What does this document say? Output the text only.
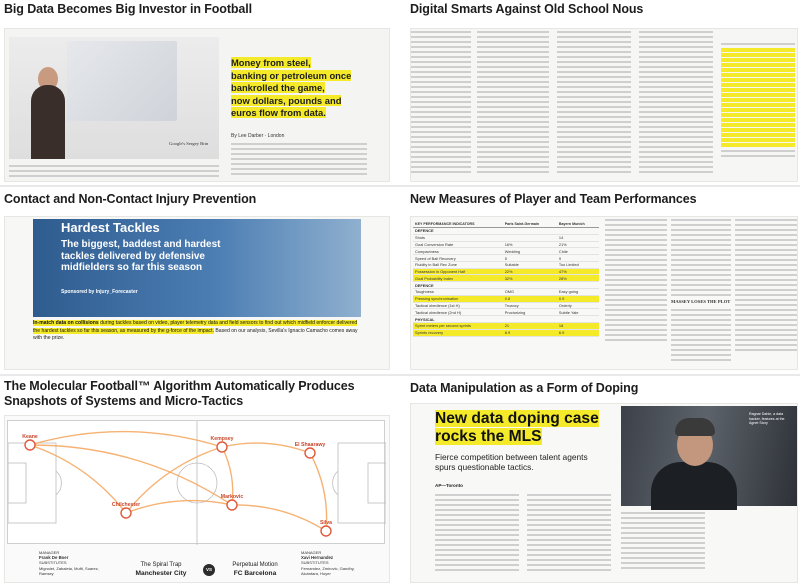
Big Data Becomes Big Investor in Football
Google's Sergey Brin
Money from steel,
banking or petroleum once
bankrolled the game,
now dollars, pounds and
euros flow from data.
By Lee Darber · London
Digital Smarts Against Old School Nous
Contact and Non-Contact Injury Prevention
Hardest Tackles
The biggest, baddest and hardest tackles delivered by defensive midfielders so far this season
Sponsored by Injury_Forecaster
In-match data on collisions during tackles based on video, player telemetry data and field sensors to find out which midfield enforcer delivered the hardest tackles so far this season, as measured by the g-force of the impact. Based on our analysis, Sevilla's Ignacio Camacho comes away with the prize.
New Measures of Player and Team Performances
KEY PERFORMANCE INDICATORS	Paris Saint-Germain	Bayern Munich
DEFENCE		
Shots		14
Goal Conversion Rate	16%	21%
Compactness	Wedding	Chile
Speed of Ball Recovery	5	9
Fluidity in Ball Rec Zone	Suitable	Too Limited
Possession in Opponent Half	22%	47%
Goal Probability Index	32%	28%
DEFENCE		
Toughness	OMG	Easy going
Pressing synchronisation	0.8	0.9
Tactical obedience (1st H)	Truancy	Orderly
Tactical obedience (2nd H)	Proctorizing	Subtle Yale
PHYSICAL		
Sprint meters per second sprints	21	18
Sprints recovery	8.9	6.9
MASSEY LOSES THE PLOT
The Molecular Football™ Algorithm Automatically Produces Snapshots of Systems and Micro-Tactics
Keane
Chilchester
Kempsey
Markovic
El Shaarawy
Silva
MANAGER
Frank De Boer
SUBSTITUTES
Mignolet, Zabaleta, Mufti, Suarez, Ramsey
The Spiral Trap
Manchester City
VS
Perpetual Motion
FC Barcelona
MANAGER
Xavi Hernandez
SUBSTITUTES
Fernandez, Zmirovic, Gandhy, Alcántara, Hoyer
Data Manipulation as a Form of Doping
New data doping case rocks the MLS
Fierce competition between talent agents spurs questionable tactics.
Ragnar Dahle, a data hacker, features at the Agnet Story
AP—Toronto
